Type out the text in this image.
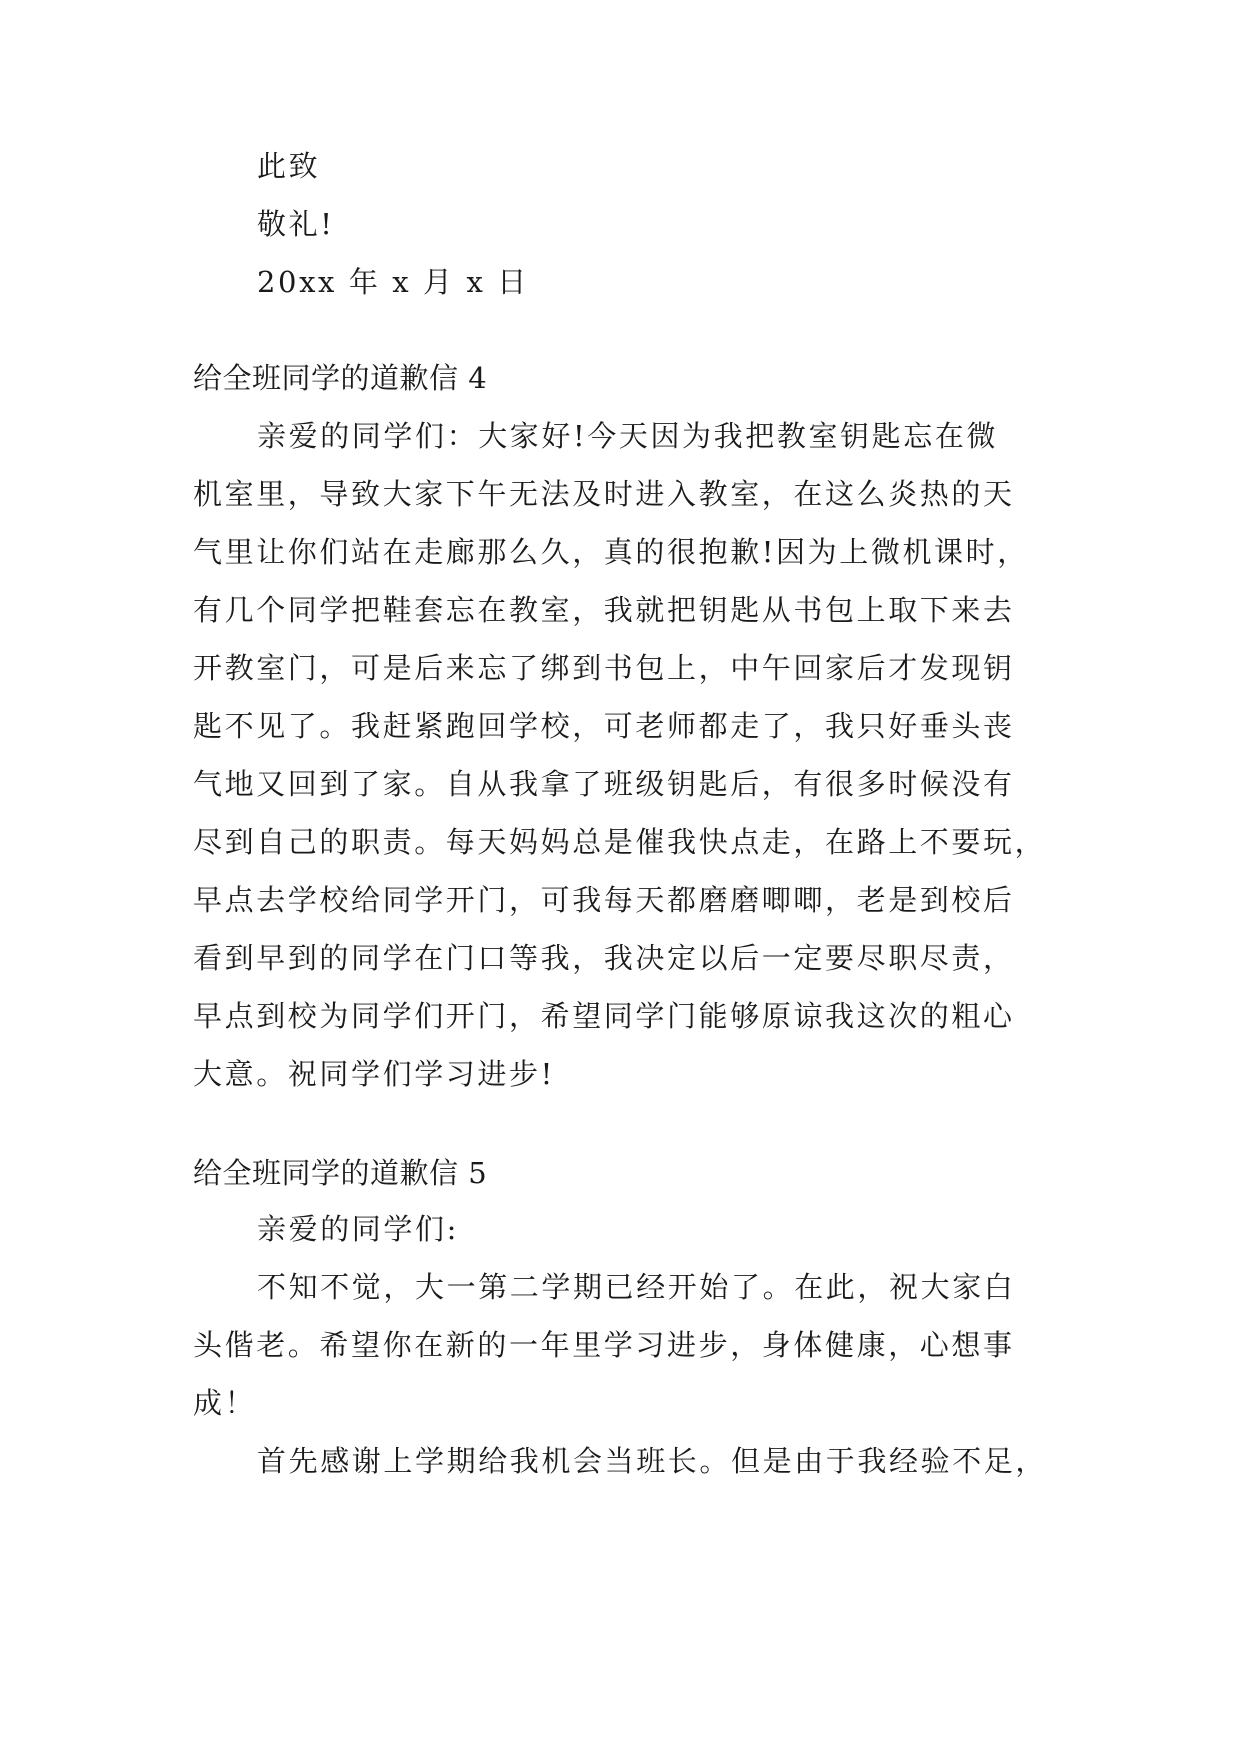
此致
敬礼!
20xx 年 x 月 x 日
给全班同学的道歉信 4
亲爱的同学们：大家好!今天因为我把教室钥匙忘在微
机室里，导致大家下午无法及时进入教室，在这么炎热的天
气里让你们站在走廊那么久，真的很抱歉!因为上微机课时，
有几个同学把鞋套忘在教室，我就把钥匙从书包上取下来去
开教室门，可是后来忘了绑到书包上，中午回家后才发现钥
匙不见了。我赶紧跑回学校，可老师都走了，我只好垂头丧
气地又回到了家。自从我拿了班级钥匙后，有很多时候没有
尽到自己的职责。每天妈妈总是催我快点走，在路上不要玩，
早点去学校给同学开门，可我每天都磨磨唧唧，老是到校后
看到早到的同学在门口等我，我决定以后一定要尽职尽责，
早点到校为同学们开门，希望同学门能够原谅我这次的粗心
大意。祝同学们学习进步!
给全班同学的道歉信 5
亲爱的同学们:
不知不觉，大一第二学期已经开始了。在此，祝大家白
头偕老。希望你在新的一年里学习进步，身体健康，心想事
成！
首先感谢上学期给我机会当班长。但是由于我经验不足，
